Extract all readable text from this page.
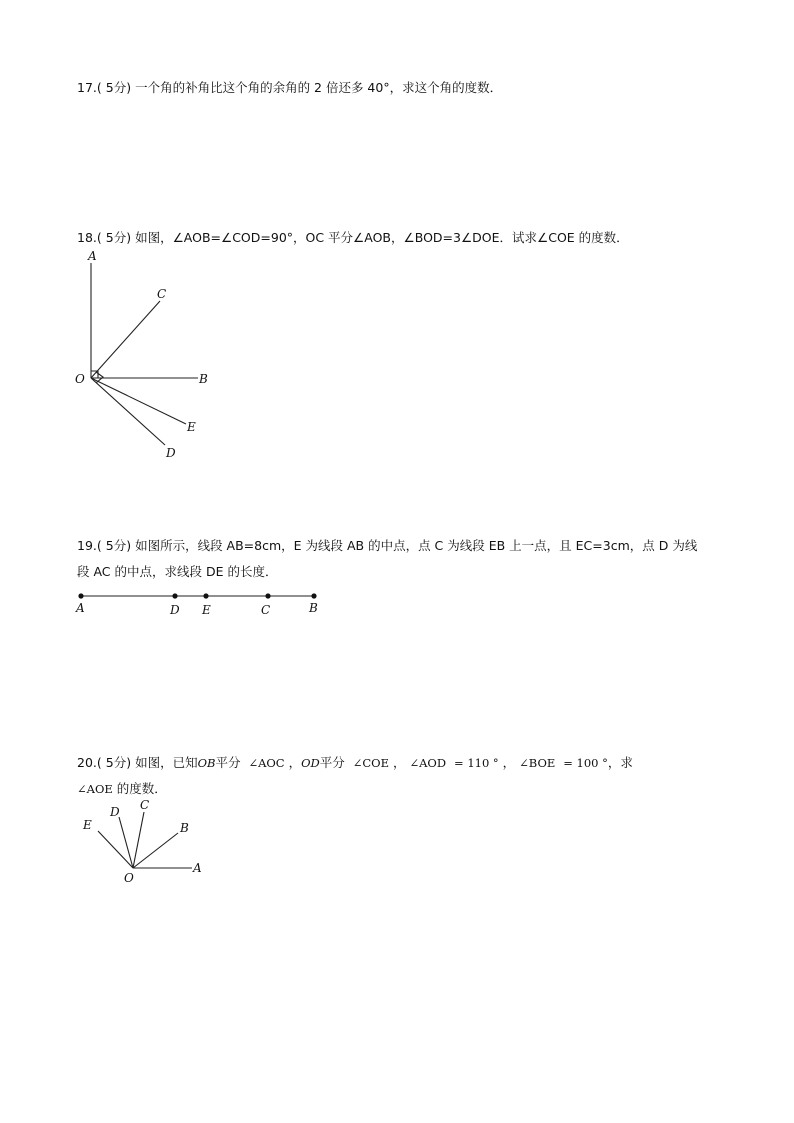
17.( 5分) 一个角的补角比这个角的余角的 2 倍还多 40°，求这个角的度数．
18.( 5分) 如图，∠AOB=∠COD=90°，OC 平分∠AOB，∠BOD=3∠DOE．试求∠COE 的度数．
A
C
O	B
E
D
19.( 5分) 如图所示，线段 AB=8cm，E 为线段 AB 的中点，点 C 为线段 EB 上一点，且 EC=3cm，点 D 为线
段 AC 的中点，求线段 DE 的长度．
A	D E	C	B
20.( 5分) 如图，已知OB平分 ∠AOC ，OD平分 ∠COE ， ∠AOD = 110 ° ， ∠BOE = 100 °，求
∠AOE 的度数．
E
D C
B
O
A
